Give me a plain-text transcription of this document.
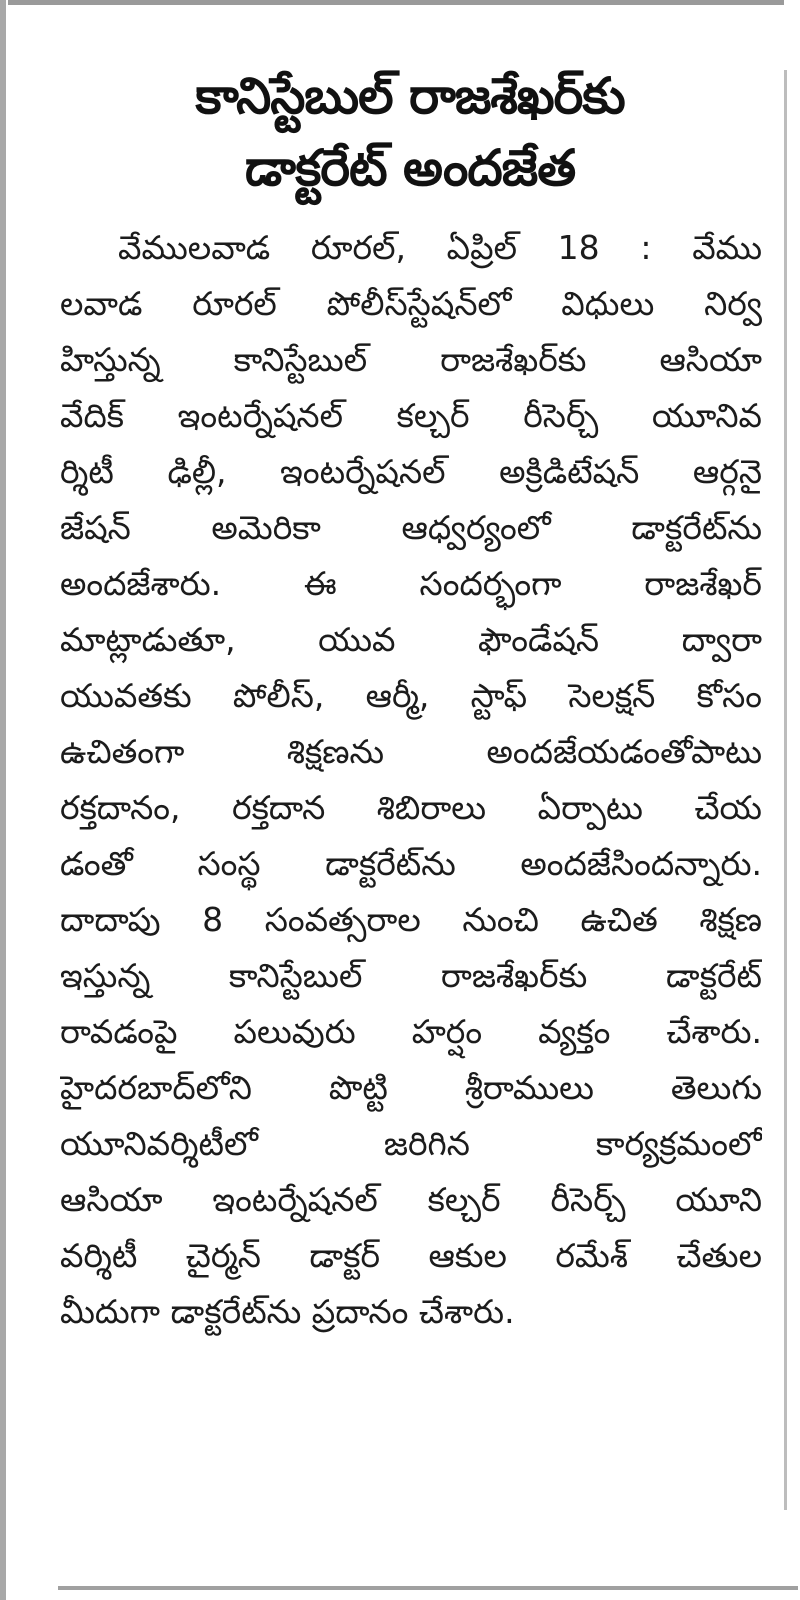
కానిస్టేబుల్ రాజశేఖర్‌కు
డాక్టరేట్ అందజేత
వేములవాడ రూరల్, ఏప్రిల్ 18 : వేము
లవాడ రూరల్ పోలీస్‌స్టేషన్‌లో విధులు నిర్వ
హిస్తున్న కానిస్టేబుల్ రాజశేఖర్‌కు ఆసియా
వేదిక్ ఇంటర్నేషనల్ కల్చర్ రీసెర్చ్ యూనివ
ర్శిటీ ఢిల్లీ, ఇంటర్నేషనల్ అక్రిడిటేషన్ ఆర్గనై
జేషన్ అమెరికా ఆధ్వర్యంలో డాక్టరేట్‌ను
అందజేశారు. ఈ సందర్భంగా రాజశేఖర్
మాట్లాడుతూ, యువ ఫౌండేషన్ ద్వారా
యువతకు పోలీస్, ఆర్మీ, స్టాఫ్ సెలక్షన్ కోసం
ఉచితంగా శిక్షణను అందజేయడంతోపాటు
రక్తదానం, రక్తదాన శిబిరాలు ఏర్పాటు చేయ
డంతో సంస్థ డాక్టరేట్‌ను అందజేసిందన్నారు.
దాదాపు 8 సంవత్సరాల నుంచి ఉచిత శిక్షణ
ఇస్తున్న కానిస్టేబుల్ రాజశేఖర్‌కు డాక్టరేట్
రావడంపై పలువురు హర్షం వ్యక్తం చేశారు.
హైదరబాద్‌లోని పొట్టి శ్రీరాములు తెలుగు
యూనివర్శిటీలో జరిగిన కార్యక్రమంలో
ఆసియా ఇంటర్నేషనల్ కల్చర్ రీసెర్చ్ యూని
వర్శిటీ చైర్మన్ డాక్టర్ ఆకుల రమేశ్ చేతుల
మీదుగా డాక్టరేట్‌ను ప్రదానం చేశారు.
